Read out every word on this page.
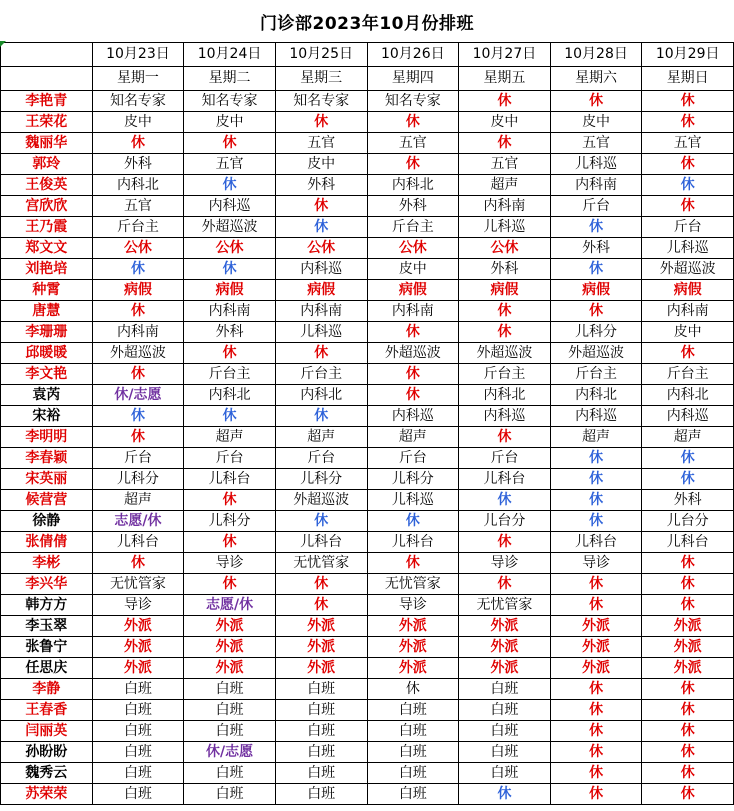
门诊部2023年10月份排班
	10月23日	10月24日	10月25日	10月26日	10月27日	10月28日	10月29日
	星期一	星期二	星期三	星期四	星期五	星期六	星期日
李艳青	知名专家	知名专家	知名专家	知名专家	休	休	休
王荣花	皮中	皮中	休	休	皮中	皮中	休
魏丽华	休	休	五官	五官	休	五官	五官
郭玲	外科	五官	皮中	休	五官	儿科巡	休
王俊英	内科北	休	外科	内科北	超声	内科南	休
宫欣欣	五官	内科巡	休	外科	内科南	斤台	休
王乃霞	斤台主	外超巡波	休	斤台主	儿科巡	休	斤台
郑文文	公休	公休	公休	公休	公休	外科	儿科巡
刘艳培	休	休	内科巡	皮中	外科	休	外超巡波
种霄	病假	病假	病假	病假	病假	病假	病假
唐慧	休	内科南	内科南	内科南	休	休	内科南
李珊珊	内科南	外科	儿科巡	休	休	儿科分	皮中
邱暖暖	外超巡波	休	休	外超巡波	外超巡波	外超巡波	休
李文艳	休	斤台主	斤台主	休	斤台主	斤台主	斤台主
袁芮	休/志愿	内科北	内科北	休	内科北	内科北	内科北
宋裕	休	休	休	内科巡	内科巡	内科巡	内科巡
李明明	休	超声	超声	超声	休	超声	超声
李春颖	斤台	斤台	斤台	斤台	斤台	休	休
宋英丽	儿科分	儿科台	儿科分	儿科分	儿科台	休	休
候营营	超声	休	外超巡波	儿科巡	休	休	外科
徐静	志愿/休	儿科分	休	休	儿台分	休	儿台分
张倩倩	儿科台	休	儿科台	儿科台	休	儿科台	儿科台
李彬	休	导诊	无忧管家	休	导诊	导诊	休
李兴华	无忧管家	休	休	无忧管家	休	休	休
韩方方	导诊	志愿/休	休	导诊	无忧管家	休	休
李玉翠	外派	外派	外派	外派	外派	外派	外派
张鲁宁	外派	外派	外派	外派	外派	外派	外派
任思庆	外派	外派	外派	外派	外派	外派	外派
李静	白班	白班	白班	休	白班	休	休
王春香	白班	白班	白班	白班	白班	休	休
闫丽英	白班	白班	白班	白班	白班	休	休
孙盼盼	白班	休/志愿	白班	白班	白班	休	休
魏秀云	白班	白班	白班	白班	白班	休	休
苏荣荣	白班	白班	白班	白班	休	休	休
